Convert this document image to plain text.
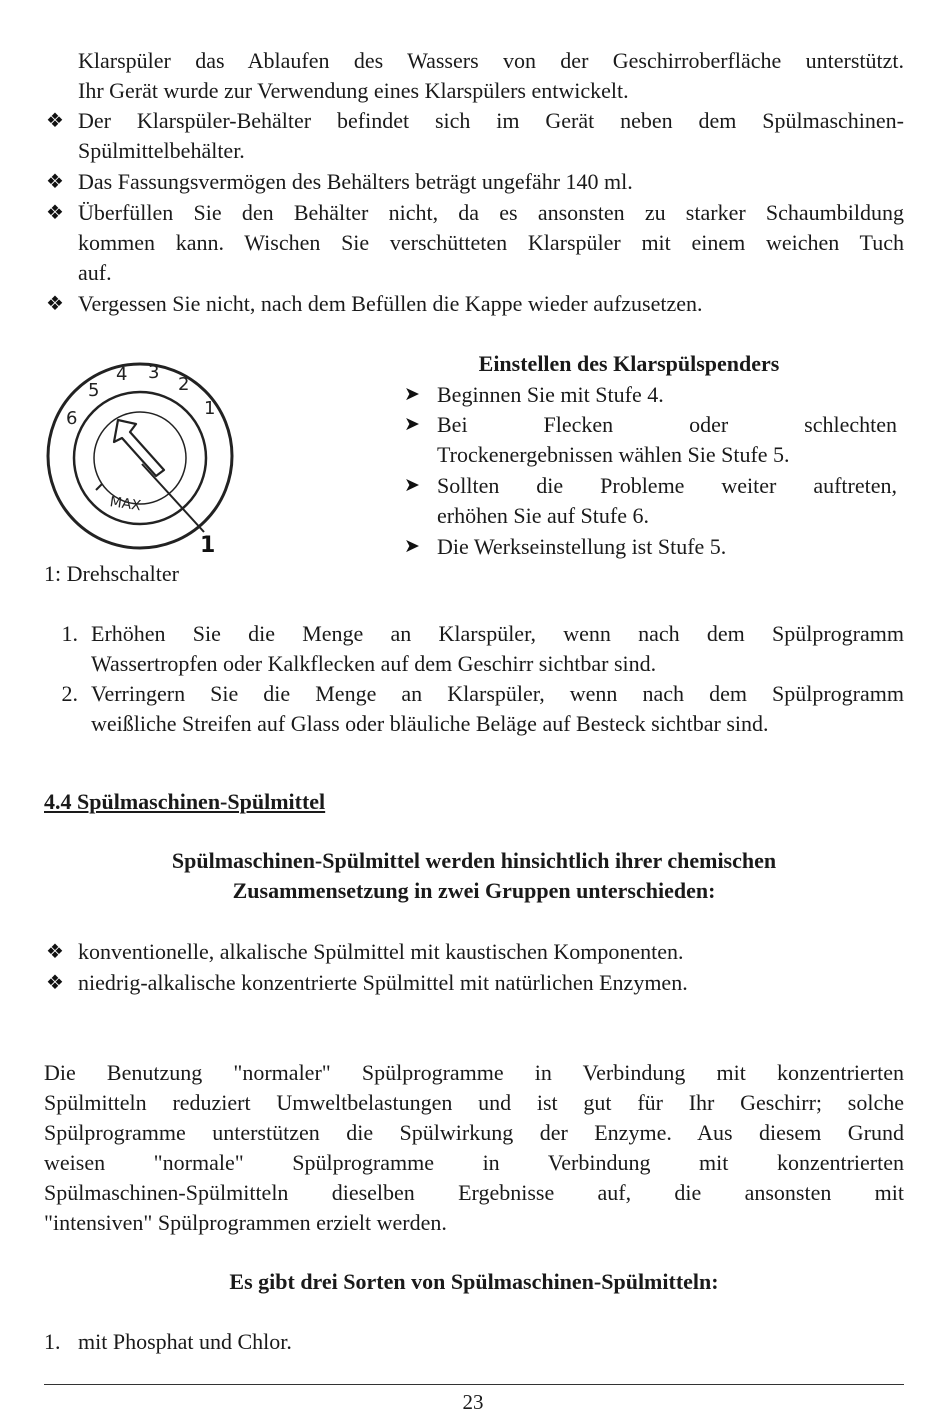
Klarspüler das Ablaufen des Wassers von der Geschirroberfläche unterstützt.
Ihr Gerät wurde zur Verwendung eines Klarspülers entwickelt.
❖ Der Klarspüler-Behälter befindet sich im Gerät neben dem Spülmaschinen-
Spülmittelbehälter.
❖ Das Fassungsvermögen des Behälters beträgt ungefähr 140 ml.
❖ Überfüllen Sie den Behälter nicht, da es ansonsten zu starker Schaumbildung
kommen kann. Wischen Sie verschütteten Klarspüler mit einem weichen Tuch
auf.
❖ Vergessen Sie nicht, nach dem Befüllen die Kappe wieder aufzusetzen.
6
5
4 3
2
1
MAX
1
1: Drehschalter
Einstellen des Klarspülspenders
➤ Beginnen Sie mit Stufe 4.
➤ Bei Flecken oder schlechten
Trockenergebnissen wählen Sie Stufe 5.
➤ Sollten die Probleme weiter auftreten,
erhöhen Sie auf Stufe 6.
➤ Die Werkseinstellung ist Stufe 5.
1. Erhöhen Sie die Menge an Klarspüler, wenn nach dem Spülprogramm
Wassertropfen oder Kalkflecken auf dem Geschirr sichtbar sind.
2. Verringern Sie die Menge an Klarspüler, wenn nach dem Spülprogramm
weißliche Streifen auf Glass oder bläuliche Beläge auf Besteck sichtbar sind.
4.4 Spülmaschinen-Spülmittel
Spülmaschinen-Spülmittel werden hinsichtlich ihrer chemischen
Zusammensetzung in zwei Gruppen unterschieden:
❖ konventionelle, alkalische Spülmittel mit kaustischen Komponenten.
❖ niedrig-alkalische konzentrierte Spülmittel mit natürlichen Enzymen.
Die Benutzung "normaler" Spülprogramme in Verbindung mit konzentrierten
Spülmitteln reduziert Umweltbelastungen und ist gut für Ihr Geschirr; solche
Spülprogramme unterstützen die Spülwirkung der Enzyme. Aus diesem Grund
weisen "normale" Spülprogramme in Verbindung mit konzentrierten
Spülmaschinen-Spülmitteln dieselben Ergebnisse auf, die ansonsten mit
"intensiven" Spülprogrammen erzielt werden.
Es gibt drei Sorten von Spülmaschinen-Spülmitteln:
1. mit Phosphat und Chlor.
23
